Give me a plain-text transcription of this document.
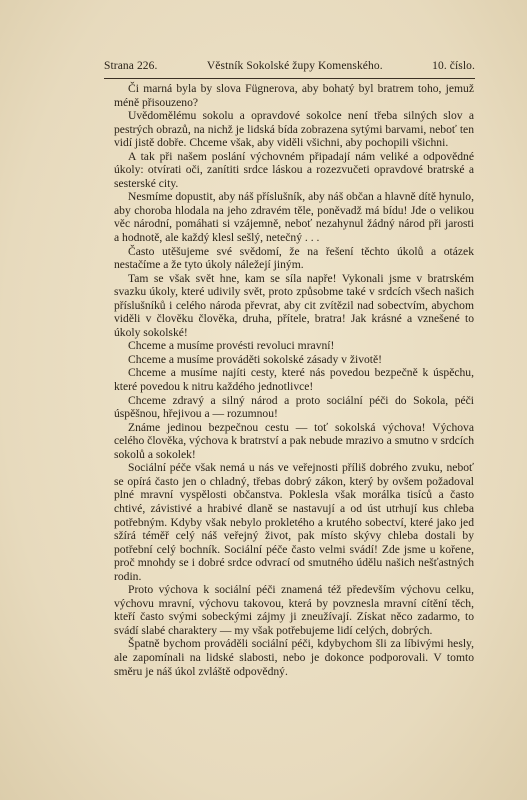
Strana 226.	Věstník Sokolské župy Komenského.	10. číslo.

Či marná byla by slova Fügnerova, aby bohatý byl bratrem toho, jemuž méně přisouzeno?

Uvědomělému sokolu a opravdové sokolce není třeba silných slov a pestrých obrazů, na nichž je lidská bída zobrazena sytými barvami, neboť ten vidí jistě dobře. Chceme však, aby viděli všichni, aby pochopili všichni.

A tak při našem poslání výchovném připadají nám veliké a odpovědné úkoly: otvírati oči, zanítiti srdce láskou a rozezvučeti opravdové bratrské a sesterské city.

Nesmíme dopustit, aby náš příslušník, aby náš občan a hlavně dítě hynulo, aby choroba hlodala na jeho zdravém těle, poněvadž má bídu! Jde o velikou věc národní, pomáhati si vzájemně, neboť nezahynul žádný národ při jarosti a hodnotě, ale každý klesl sešlý, netečný . . .

Často utěšujeme své svědomí, že na řešení těchto úkolů a otázek nestačíme a že tyto úkoly náležejí jiným.

Tam se však svět hne, kam se síla napře! Vykonali jsme v bratrském svazku úkoly, které udivily svět, proto způsobme také v srdcích všech našich příslušníků i celého národa převrat, aby cit zvítězil nad sobectvím, abychom viděli v člověku člověka, druha, přítele, bratra! Jak krásné a vznešené to úkoly sokolské!

Chceme a musíme provésti revoluci mravní!

Chceme a musíme prováděti sokolské zásady v životě!

Chceme a musíme najíti cesty, které nás povedou bezpečně k úspěchu, které povedou k nitru každého jednotlivce!

Chceme zdravý a silný národ a proto sociální péči do Sokola, péči úspěšnou, hřejivou a — rozumnou!

Známe jedinou bezpečnou cestu — toť sokolská výchova! Výchova celého člověka, výchova k bratrství a pak nebude mrazivo a smutno v srdcích sokolů a sokolek!

Sociální péče však nemá u nás ve veřejnosti příliš dobrého zvuku, neboť se opírá často jen o chladný, třebas dobrý zákon, který by ovšem požadoval plné mravní vyspělosti občanstva. Poklesla však morálka tisíců a často chtivé, závistivé a hrabivé dlaně se nastavují a od úst utrhují kus chleba potřebným. Kdyby však nebylo prokletého a krutého sobectví, které jako jed sžírá téměř celý náš veřejný život, pak místo skývy chleba dostali by potřební celý bochník. Sociální péče často velmi svádí! Zde jsme u kořene, proč mnohdy se i dobré srdce odvrací od smutného údělu našich nešťastných rodin.

Proto výchova k sociální péči znamená též především výchovu celku, výchovu mravní, výchovu takovou, která by povznesla mravní cítění těch, kteří často svými sobeckými zájmy ji zneužívají. Získat něco zadarmo, to svádí slabé charaktery — my však potřebujeme lidí celých, dobrých.

Špatně bychom prováděli sociální péči, kdybychom šli za líbivými hesly, ale zapomínali na lidské slabosti, nebo je dokonce podporovali. V tomto směru je náš úkol zvláště odpovědný.
